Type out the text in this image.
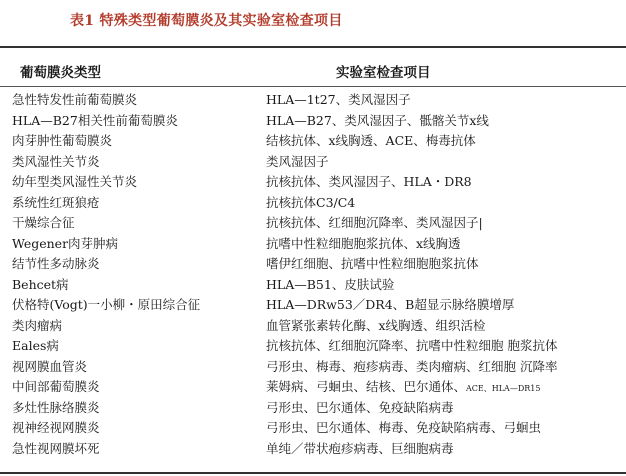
表1 特殊类型葡萄膜炎及其实验室检查项目
葡萄膜炎类型	实验室检查项目
急性特发性前葡萄膜炎	HLA—1t27、类风湿因子
HLA—B27相关性前葡萄膜炎	HLA—B27、类风湿因子、骶髂关节x线
肉芽肿性葡萄膜炎	结核抗体、x线胸透、ACE、梅毒抗体
类风湿性关节炎	类风湿因子
幼年型类风湿性关节炎	抗核抗体、类风湿因子、HLA・DR8
系统性红斑狼疮	抗核抗体C3/C4
干燥综合征	抗核抗体、红细胞沉降率、类风湿因子|
Wegener肉芽肿病	抗嗜中性粒细胞胞浆抗体、x线胸透
结节性多动脉炎	嗜伊红细胞、抗嗜中性粒细胞胞浆抗体
Behcet病	HLA—B51、皮肤试验
伏格特(Vogt)一小柳・原田综合征	HLA—DRw53／DR4、B超显示脉络膜增厚
类肉瘤病	血管紧张素转化酶、x线胸透、组织活检
Eales病	抗核抗体、红细胞沉降率、抗嗜中性粒细胞 胞浆抗体
视网膜血管炎	弓形虫、梅毒、疱疹病毒、类肉瘤病、红细胞 沉降率
中间部葡萄膜炎	莱姆病、弓蛔虫、结核、巴尔通体、ACE、HLA—DR15
多灶性脉络膜炎	弓形虫、巴尔通体、免疫缺陷病毒
视神经视网膜炎	弓形虫、巴尔通体、梅毒、免疫缺陷病毒、弓蛔虫
急性视网膜坏死	单纯／带状疱疹病毒、巨细胞病毒
